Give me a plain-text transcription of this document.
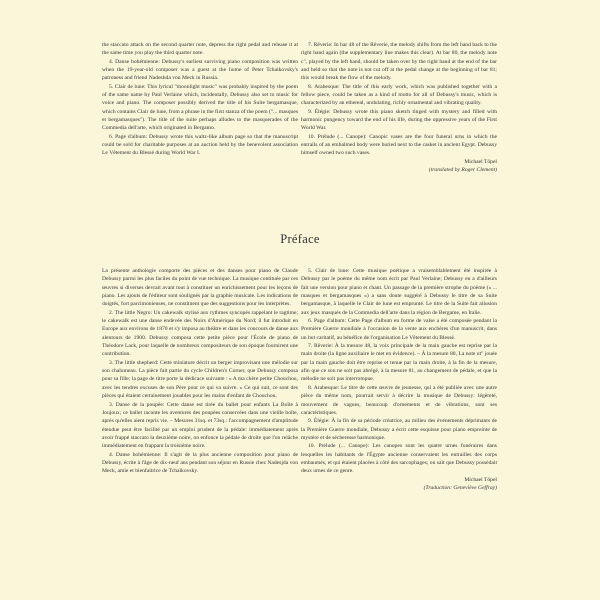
the staccato attack on the second quarter note, depress the right pedal and release it at the same time you play the third quarter note.

4. Danse bohémienne: Debussy's earliest surviving piano composition was written when the 19-year-old composer was a guest at the home of Peter Tchaikovsky's patroness and friend Nadeshda von Meck in Russia.

5. Clair de lune: This lyrical "moonlight music" was probably inspired by the poem of the same name by Paul Verlaine which, incidentally, Debussy also set to music for voice and piano. The composer possibly derived the title of his Suite bergamasque, which contains Clair de lune, from a phrase in the first stanza of the poem ("... masques et bergamasques"). The title of the suite perhaps alludes to the masquerades of the Commedia dell'arte, which originated in Bergamo.

6. Page d'album: Debussy wrote this waltz-like album page so that the manuscript could be sold for charitable purposes at an auction held by the benevolent association Le Vêtement du Blessé during World War I.

7. Rêverie: In bar 48 of the Rêverie, the melody shifts from the left hand back to the right hand again (the supplementary line makes this clear). At bar 80, the melody note c", played by the left hand, should be taken over by the right hand at the end of the bar and held so that the note is not cut off at the pedal change at the beginning of bar 81; this would break the flow of the melody.

8. Arabesque: The title of this early work, which was published together with a fellow piece, could be taken as a kind of motto for all of Debussy's music, which is characterized by an ethereal, undulating, richly ornamental and vibrating quality.

9. Élégie: Debussy wrote this piano sketch tinged with mystery and filled with harmonic pungency toward the end of his life, during the oppressive years of the First World War.

10. Prélude (... Canope): Canopic vases are the four funeral urns in which the entrails of an embalmed body were buried next to the casket in ancient Egypt. Debussy himself owned two such vases.

Michael Töpel

(translated by Roger Clement)

Préface

La présente anthologie comporte des pièces et des danses pour piano de Claude Debussy parmi les plus faciles du point de vue technique. La musique contituée par ces œuvres si diverses devrait avant tout à constituer un enrichissement pour les leçons de piano. Les ajouts de l'éditeur sont soulignés par la graphie musicale. Les indications de doigtés, fort parcimonieuses, ne constituent que des suggestions pour les interprètes.

2. The little Negro: Un cakewalk stylisé aux rythmes syncopés rappelant le ragtime; le cakewalk est une danse endevée des Noirs d'Amérique du Nord; il fut introduit en Europe aux environs de 1870 et s'y imposa au théâtre et dans les concours de danse aux alentours de 1900. Debussy composa cette petite pièce pour l'École de piano de Théodore Lack, pour laquelle de nombreux compositeurs de son époque fournirent une contribution.

3. The little shepherd: Cette miniature décrit un berger improvisant une mélodie sur son chalumeau. La pièce fait partie du cycle Children's Corner, que Debussy composa pour sa fille; la page de titre porte la dédicace suivante : « A ma chère petite Chouchou, avec les tendres excuses de son Père pour ce qui va suivre. » Ce qui suit, ce sont des pièces qui étaient certainement jouables pour les mains d'enfant de Chouchou.

3. Danse de la poupée: Cette danse est tirée du ballet pour enfants La Boîte à Joujoux; ce ballet raconte les aventures des poupées conservées dans une vieille boîte, après qu'elles aient repris vie. – Mesures 31sq. et 73sq.: l'accompagnement d'amplitude étendue peut être facilité par un emploi prudent de la pédale: immédiatement après avoir frappé staccato la deuxième noire, on enfonce la pédale de droite que l'on relâche immédiatement en frappant la troisième noire.

4. Danse bohémienne: Il s'agit de la plus ancienne composition pour piano de Debussy, écrite à l'âge de dix-neuf ans pendant son séjour en Russie chez Nadesjda von Meck, amie et bienfaitrice de Tchaïkovsky.

5. Clair de lune: Cette musique poétique a vraisemblablement été inspirée à Debussy par le poème du même nom écrit par Paul Verlaine; Debussy en a d'ailleurs fait une version pour piano et chant. Un passage de la première strophe du poème (« ... masques et bergamasques ») a sans doute suggéré à Debussy le titre de sa Suite bergamasque, à laquelle le Clair de lune est emprunté. Le titre de la Suite fait allusion aux jeux masqués de la Commedia dell'arte dans la région de Bergame, en Italie.

6. Page d'album: Cette Page d'album en forme de valse a été composée pendant la Première Guerre mondiale à l'occasion de la vente aux enchères d'un manuscrit, dans un but caritatif, au bénéfice de l'organisation Le Vêtement du Blessé.

7. Rêverie: À la mesure 48, la voix principale de la main gauche est reprise par la main droite (la ligne auxiliaire le met en évidence). – À la mesure 80, La note ut" jouée par la main gauche doit être reprise et tenue par la main droite, à la fin de la mesure, afin que ce son ne soit pas abrégé, à la mesure 81, au changement de pédale, et que la mélodie ne soit pas interrompue.

8. Arabesque: Le titre de cette œuvre de jeunesse, qui a été publiée avec une autre pièce du même nom, pourrait servir à décrire la musique de Debussy: légèreté, mouvement de vagues, beaucoup d'ornements et de vibrations, sont ses caractéristiques.

9. Élégie: À la fin de sa période créatrice, au milieu des événements déprimants de la Première Guerre mondiale, Debussy a écrit cette esquisse pour piano empreinte de mystère et de sécheresse harmonique.

10. Prélude (... Canope): Les canopes sont les quatre urnes funéraires dans lesquelles les habitants de l'Égypte ancienne conservaient les entrailles des corps embaumés, et qui étaient placées à côté des sarcophages; on sait que Debussy possédait deux urnes de ce genre.

Michael Töpel

(Traduction: Geneviève Geffray)
